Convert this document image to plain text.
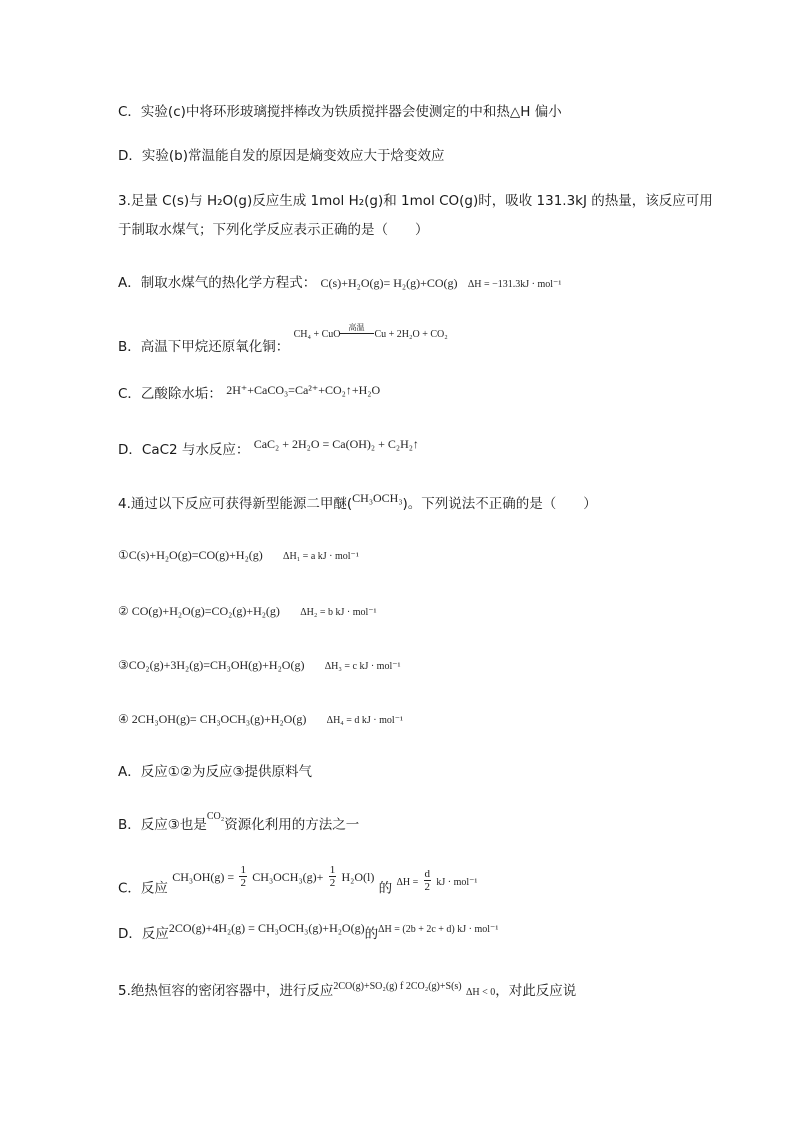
C．实验(c)中将环形玻璃搅拌棒改为铁质搅拌器会使测定的中和热△H 偏小
D．实验(b)常温能自发的原因是熵变效应大于焓变效应
3.足量 C(s)与 H₂O(g)反应生成 1mol H₂(g)和 1mol CO(g)时，吸收 131.3kJ 的热量，该反应可用
于制取水煤气；下列化学反应表示正确的是（　　）
A．制取水煤气的热化学方程式： C(s)+H₂O(g)= H₂(g)+CO(g) ΔH = −131.3kJ · mol⁻¹
B．高温下甲烷还原氧化铜： CH₄ + CuO
高温
Cu + 2H₂O + CO₂
C．乙酸除水垢： 2H⁺+CaCO₃=Ca²⁺+CO₂↑+H₂O
D．CaC2 与水反应： CaC₂ + 2H₂O = Ca(OH)₂ + C₂H₂↑
4.通过以下反应可获得新型能源二甲醚(CH₃OCH₃)。下列说法不正确的是（　　）
①C(s)+H₂O(g)=CO(g)+H₂(g) ΔH₁ = a kJ · mol⁻¹
② CO(g)+H₂O(g)=CO₂(g)+H₂(g) ΔH₂ = b kJ · mol⁻¹
③CO₂(g)+3H₂(g)=CH₃OH(g)+H₂O(g) ΔH₃ = c kJ · mol⁻¹
④ 2CH₃OH(g)= CH₃OCH₃(g)+H₂O(g) ΔH₄ = d kJ · mol⁻¹
A．反应①②为反应③提供原料气
B．反应③也是$^{CO_2}$资源化利用的方法之一
C．反应 $CH_3OH(g) = \frac{1}{2} CH_3OCH_3(g)+ \frac{1}{2} H_2O(l)$ 的 $\Delta H = \frac{d}{2}$ kJ · mol⁻¹
D．反应2CO(g)+4H₂(g) = CH₃OCH₃(g)+H₂O(g)的$^{\Delta H = (2b + 2c + d) kJ \cdot mol^{-1}}$
5.绝热恒容的密闭容器中，进行反应$^{2CO(g)+SO_2(g) f 2CO_2(g)+S(s)}$ ΔH < 0，对此反应说
